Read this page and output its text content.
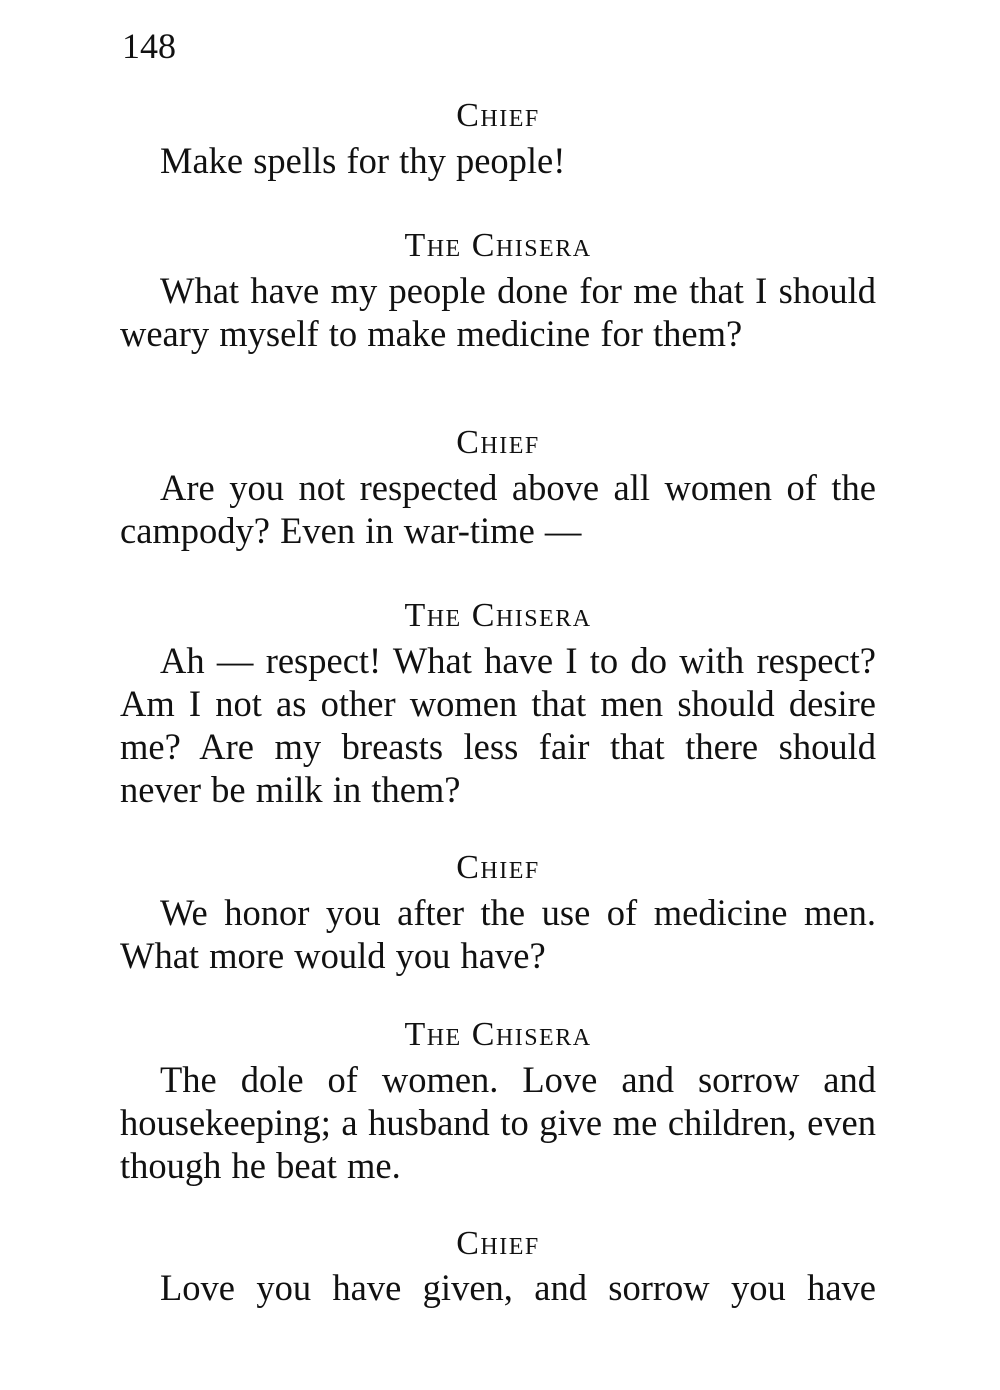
148

Chief

Make spells for thy people!

The Chisera

What have my people done for me that I should weary myself to make medicine for them?

Chief

Are you not respected above all women of the campody? Even in war-time —

The Chisera

Ah — respect! What have I to do with respect? Am I not as other women that men should desire me? Are my breasts less fair that there should never be milk in them?

Chief

We honor you after the use of medicine men. What more would you have?

The Chisera

The dole of women. Love and sorrow and housekeeping; a husband to give me children, even though he beat me.

Chief

Love you have given, and sorrow you have
